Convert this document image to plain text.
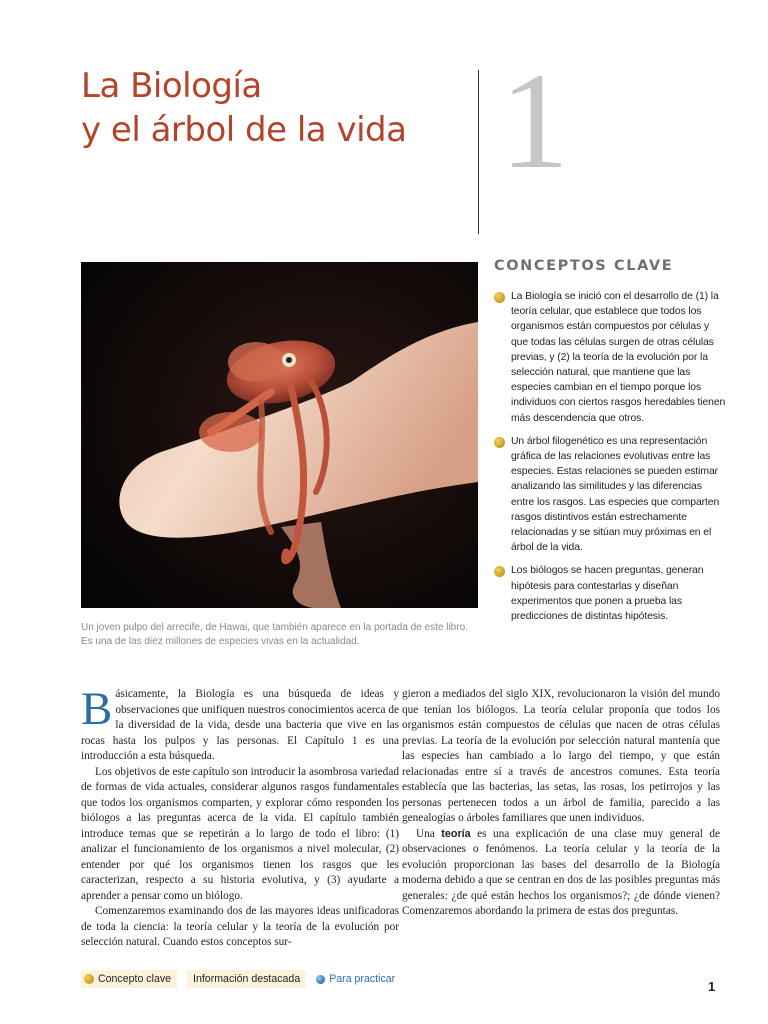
La Biología
y el árbol de la vida 1

Un joven pulpo del arrecife, de Hawai, que también aparece en la portada de este libro. Es una de las diez millones de especies vivas en la actualidad.

CONCEPTOS CLAVE
La Biología se inició con el desarrollo de (1) la teoría celular, que establece que todos los organismos están compuestos por células y que todas las células surgen de otras células previas, y (2) la teoría de la evolución por la selección natural, que mantiene que las especies cambian en el tiempo porque los individuos con ciertos rasgos heredables tienen más descendencia que otros.
Un árbol filogenético es una representación gráfica de las relaciones evolutivas entre las especies. Estas relaciones se pueden estimar analizando las similitudes y las diferencias entre los rasgos. Las especies que comparten rasgos distintivos están estrechamente relacionadas y se sitúan muy próximas en el árbol de la vida.
Los biólogos se hacen preguntas, generan hipótesis para contestarlas y diseñan experimentos que ponen a prueba las predicciones de distintas hipótesis.

Básicamente, la Biología es una búsqueda de ideas y observaciones que unifiquen nuestros conocimientos acerca de la diversidad de la vida, desde una bacteria que vive en las rocas hasta los pulpos y las personas. El Capítulo 1 es una introducción a esta búsqueda.

Los objetivos de este capítulo son introducir la asombrosa variedad de formas de vida actuales, considerar algunos rasgos fundamentales que todos los organismos comparten, y explorar cómo responden los biólogos a las preguntas acerca de la vida. El capítulo también introduce temas que se repetirán a lo largo de todo el libro: (1) analizar el funcionamiento de los organismos a nivel molecular, (2) entender por qué los organismos tienen los rasgos que les caracterizan, respecto a su historia evolutiva, y (3) ayudarte a aprender a pensar como un biólogo.

Comenzaremos examinando dos de las mayores ideas unificadoras de toda la ciencia: la teoría celular y la teoría de la evolución por selección natural. Cuando estos conceptos sur-

gieron a mediados del siglo XIX, revolucionaron la visión del mundo que tenían los biólogos. La teoría celular proponía que todos los organismos están compuestos de células que nacen de otras células previas. La teoría de la evolución por selección natural mantenía que las especies han cambiado a lo largo del tiempo, y que están relacionadas entre sí a través de ancestros comunes. Esta teoría establecía que las bacterias, las setas, las rosas, los petirrojos y las personas pertenecen todos a un árbol de familia, parecido a las genealogías o árboles familiares que unen individuos.

Una teoría es una explicación de una clase muy general de observaciones o fenómenos. La teoría celular y la teoría de la evolución proporcionan las bases del desarrollo de la Biología moderna debido a que se centran en dos de las posibles preguntas más generales: ¿de qué están hechos los organismos?; ¿de dónde vienen? Comenzaremos abordando la primera de estas dos preguntas.

Concepto clave	Información destacada	Para practicar	1
